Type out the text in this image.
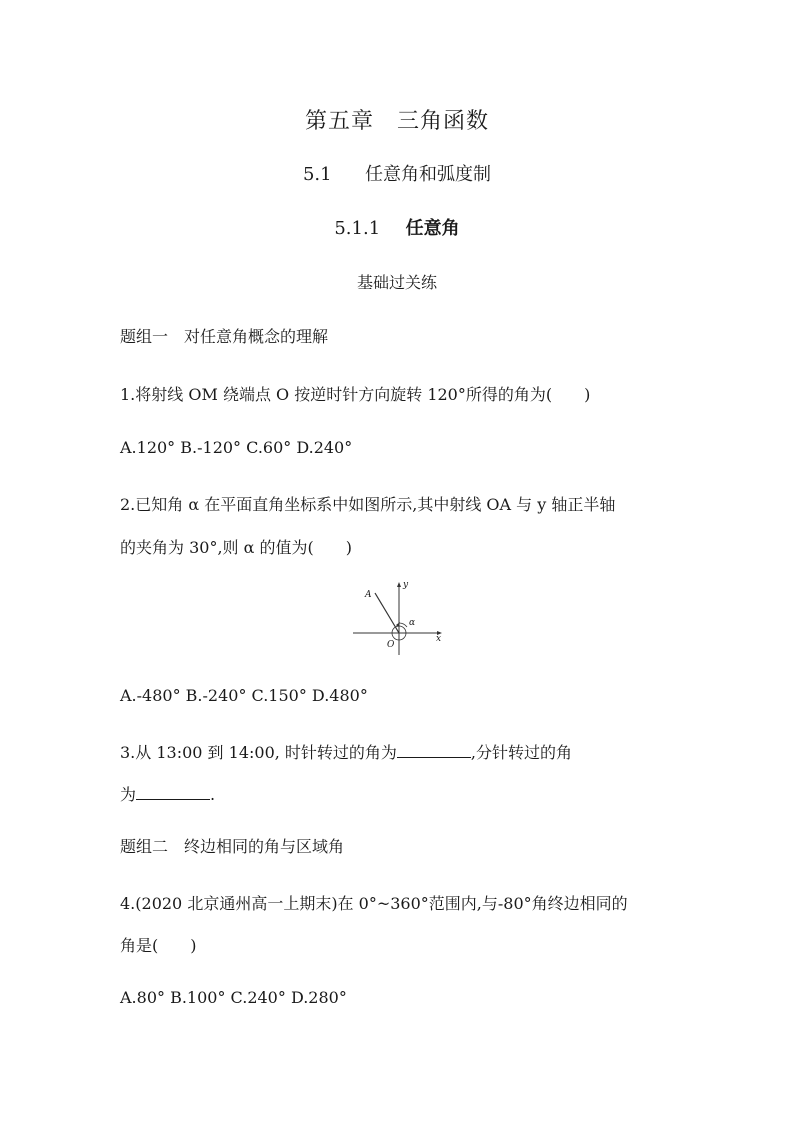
第五章　三角函数
5.1 任意角和弧度制
5.1.1 任意角
基础过关练
题组一　对任意角概念的理解
1.将射线 OM 绕端点 O 按逆时针方向旋转 120°所得的角为(　　)
A.120° B.-120° C.60° D.240°
2.已知角 α 在平面直角坐标系中如图所示,其中射线 OA 与 y 轴正半轴
的夹角为 30°,则 α 的值为(　　)
A
y
x
O
α
A.-480° B.-240° C.150° D.480°
3.从 13:00 到 14:00, 时针转过的角为	,分针转过的角
为	.
题组二　终边相同的角与区域角
4.(2020 北京通州高一上期末)在 0°~360°范围内,与-80°角终边相同的
角是(　　)
A.80° B.100° C.240° D.280°
